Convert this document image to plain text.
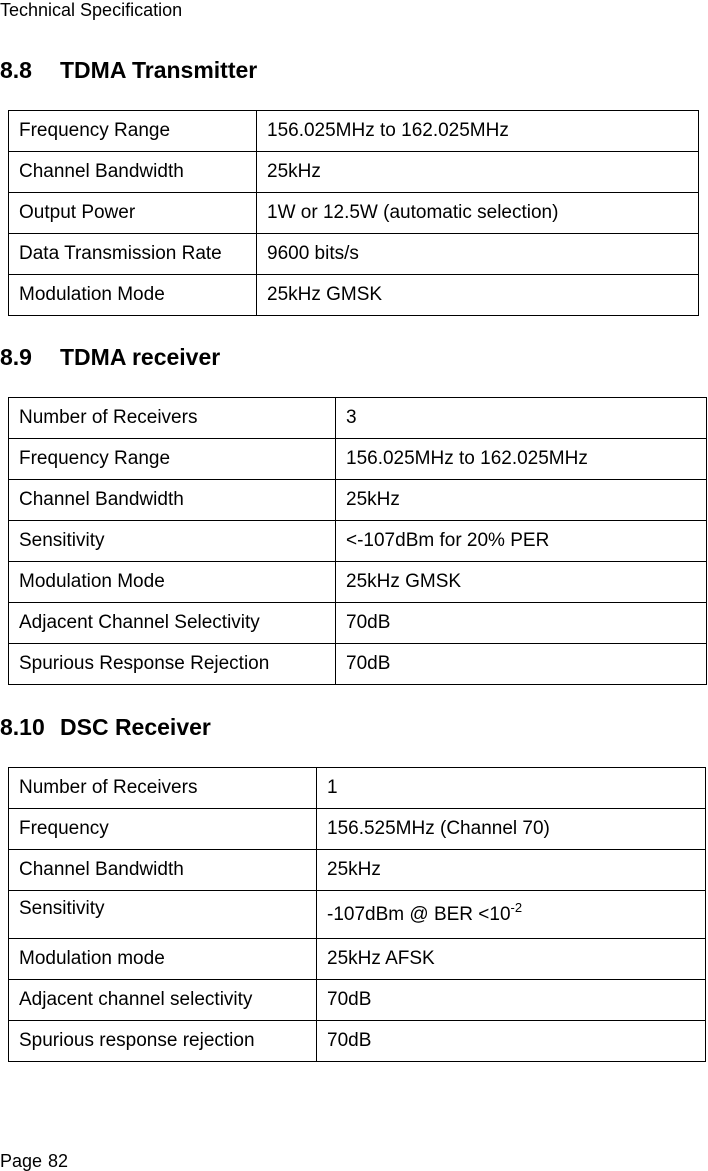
Technical Specification
8.8 TDMA Transmitter
Frequency Range	156.025MHz to 162.025MHz
Channel Bandwidth	25kHz
Output Power	1W or 12.5W (automatic selection)
Data Transmission Rate	9600 bits/s
Modulation Mode	25kHz GMSK
8.9 TDMA receiver
Number of Receivers	3
Frequency Range	156.025MHz to 162.025MHz
Channel Bandwidth	25kHz
Sensitivity	<-107dBm for 20% PER
Modulation Mode	25kHz GMSK
Adjacent Channel Selectivity	70dB
Spurious Response Rejection	70dB
8.10 DSC Receiver
Number of Receivers	1
Frequency	156.525MHz (Channel 70)
Channel Bandwidth	25kHz
Sensitivity	-107dBm @ BER $<10^{-2}$
Modulation mode	25kHz AFSK
Adjacent channel selectivity	70dB
Spurious response rejection	70dB
Page 82
